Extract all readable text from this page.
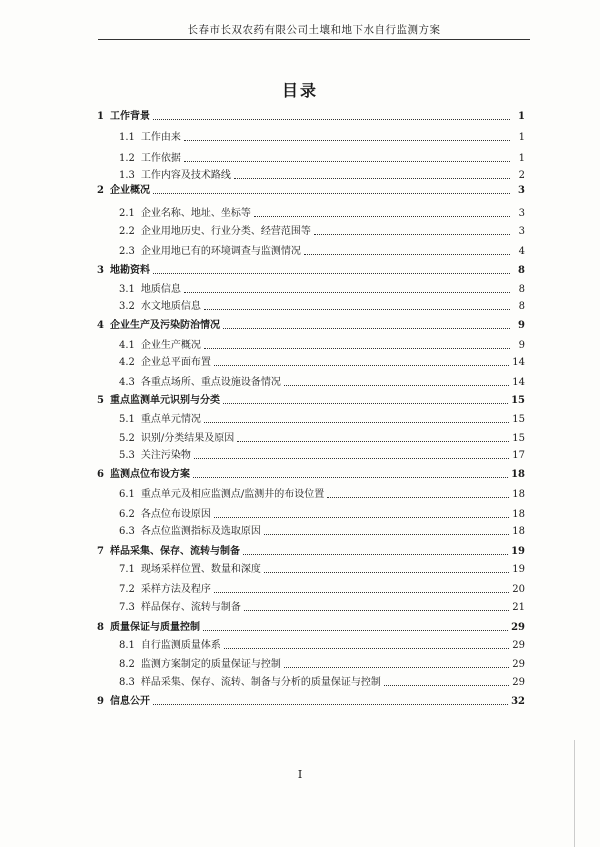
长春市长双农药有限公司土壤和地下水自行监测方案
目录
1 工作背景	1
1.1 工作由来	1
1.2 工作依据	1
1.3 工作内容及技术路线	2
2 企业概况	3
2.1 企业名称、地址、坐标等	3
2.2 企业用地历史、行业分类、经营范围等	3
2.3 企业用地已有的环境调查与监测情况	4
3 地勘资料	8
3.1 地质信息	8
3.2 水文地质信息	8
4 企业生产及污染防治情况	9
4.1 企业生产概况	9
4.2 企业总平面布置	14
4.3 各重点场所、重点设施设备情况	14
5 重点监测单元识别与分类	15
5.1 重点单元情况	15
5.2 识别/分类结果及原因	15
5.3 关注污染物	17
6 监测点位布设方案	18
6.1 重点单元及相应监测点/监测井的布设位置	18
6.2 各点位布设原因	18
6.3 各点位监测指标及选取原因	18
7 样品采集、保存、流转与制备	19
7.1 现场采样位置、数量和深度	19
7.2 采样方法及程序	20
7.3 样品保存、流转与制备	21
8 质量保证与质量控制	29
8.1 自行监测质量体系	29
8.2 监测方案制定的质量保证与控制	29
8.3 样品采集、保存、流转、制备与分析的质量保证与控制	29
9 信息公开	32
I
